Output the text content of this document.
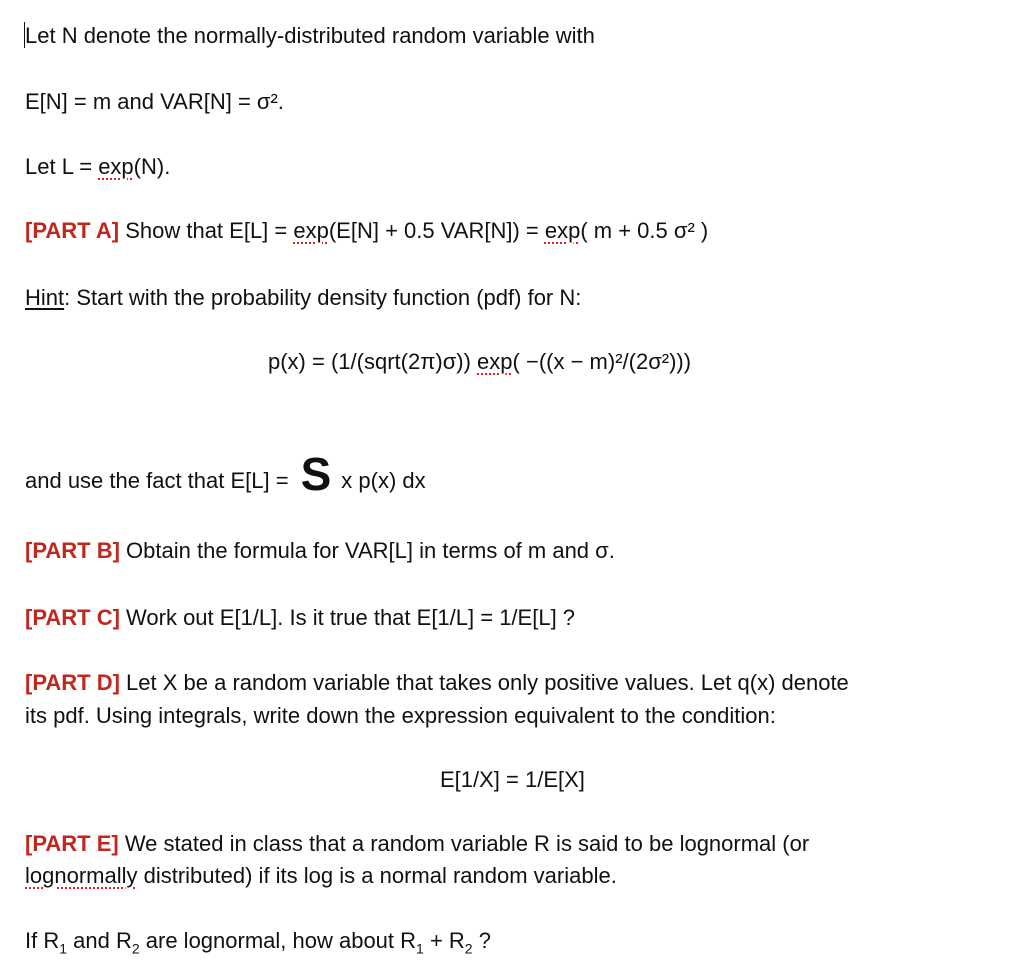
Let N denote the normally-distributed random variable with
E[N] = m and VAR[N] = σ².
Let L = exp(N).
[PART A] Show that E[L] = exp(E[N] + 0.5 VAR[N]) = exp( m + 0.5 σ² )
Hint: Start with the probability density function (pdf) for N:
p(x) = (1/(sqrt(2π)σ)) exp( −((x − m)²/(2σ²)))
and use the fact that E[L] = S x p(x) dx
[PART B] Obtain the formula for VAR[L] in terms of m and σ.
[PART C] Work out E[1/L]. Is it true that E[1/L] = 1/E[L] ?
[PART D] Let X be a random variable that takes only positive values. Let q(x) denote
its pdf. Using integrals, write down the expression equivalent to the condition:
E[1/X] = 1/E[X]
[PART E] We stated in class that a random variable R is said to be lognormal (or
lognormally distributed) if its log is a normal random variable.
If $R_1$ and $R_2$ are lognormal, how about $R_1 + R_2$ ?
